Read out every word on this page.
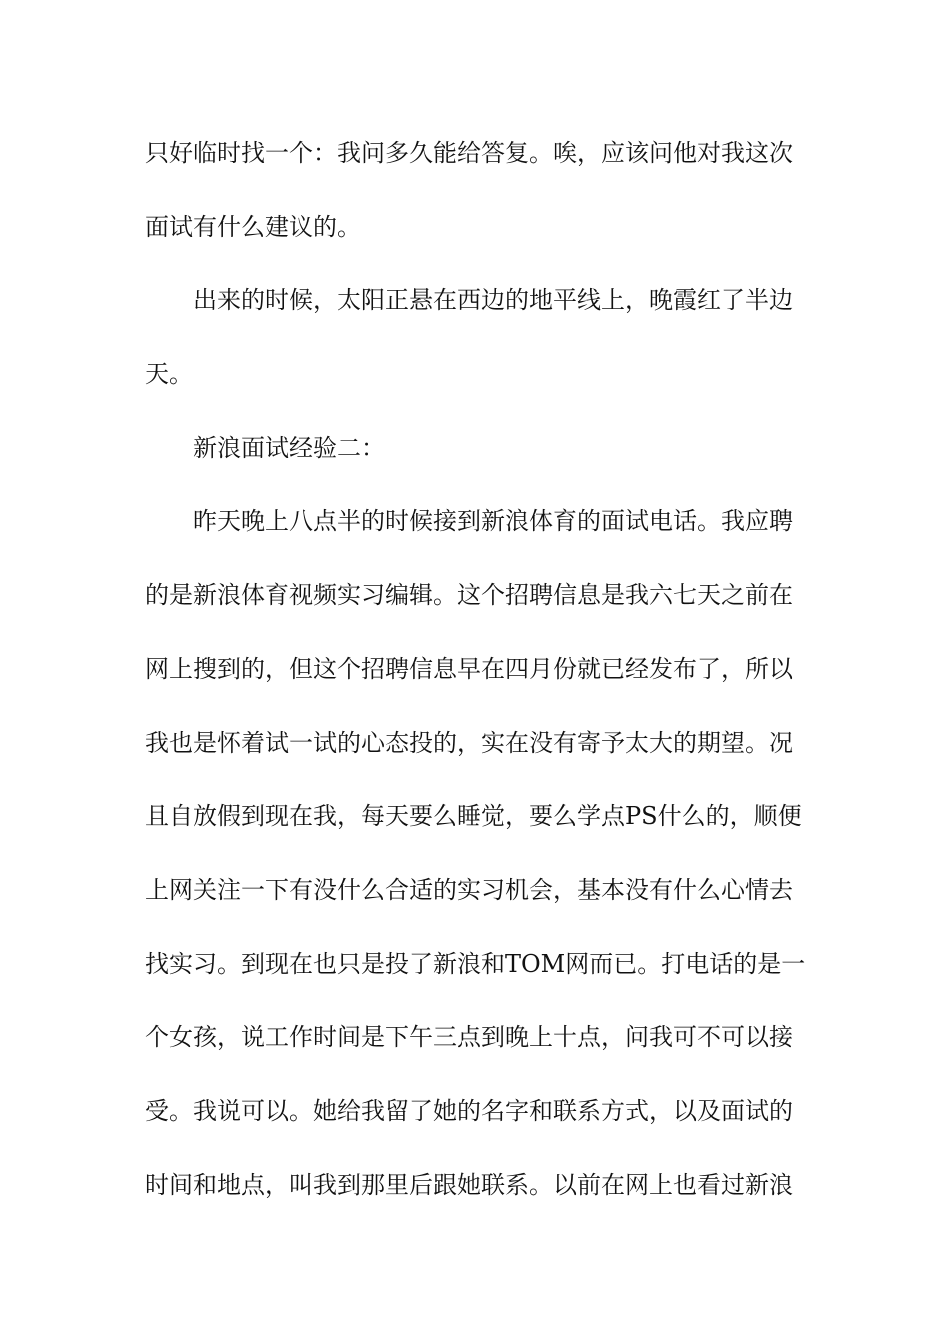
只好临时找一个：我问多久能给答复。唉，应该问他对我这次
面试有什么建议的。
出来的时候，太阳正悬在西边的地平线上，晚霞红了半边
天。
新浪面试经验二：
昨天晚上八点半的时候接到新浪体育的面试电话。我应聘
的是新浪体育视频实习编辑。这个招聘信息是我六七天之前在
网上搜到的，但这个招聘信息早在四月份就已经发布了，所以
我也是怀着试一试的心态投的，实在没有寄予太大的期望。况
且自放假到现在我，每天要么睡觉，要么学点PS什么的，顺便
上网关注一下有没什么合适的实习机会，基本没有什么心情去
找实习。到现在也只是投了新浪和TOM网而已。打电话的是一
个女孩，说工作时间是下午三点到晚上十点，问我可不可以接
受。我说可以。她给我留了她的名字和联系方式，以及面试的
时间和地点，叫我到那里后跟她联系。以前在网上也看过新浪
